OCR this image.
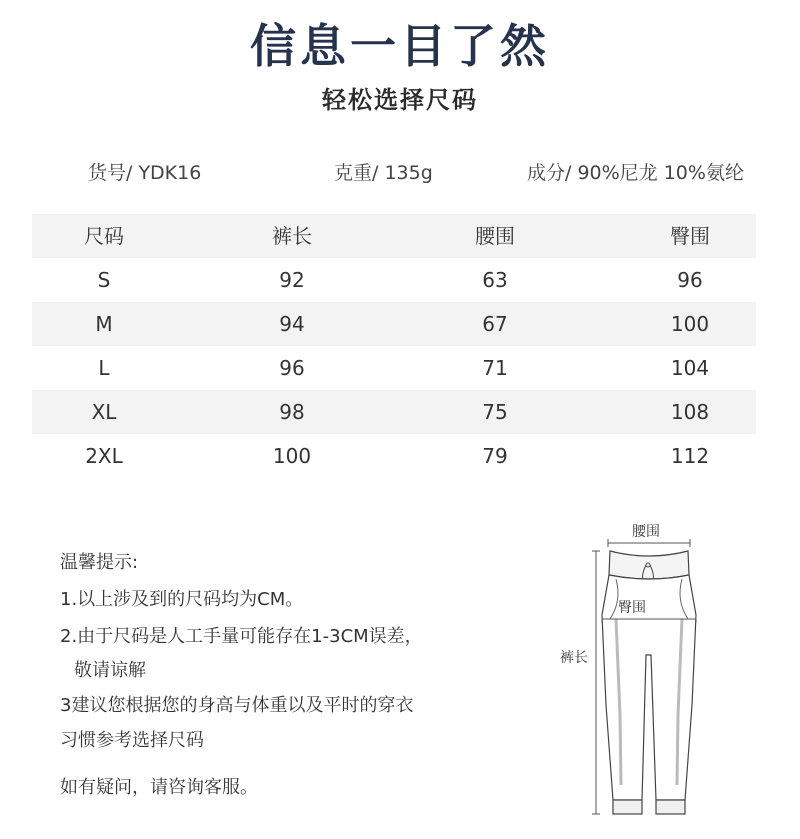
信息一目了然
轻松选择尺码
货号/ YDK16	克重/ 135g	成分/ 90%尼龙 10%氨纶
尺码	裤长	腰围	臀围
S	92	63	96
M	94	67	100
L	96	71	104
XL	98	75	108
2XL	100	79	112
温馨提示:
1.以上涉及到的尺码均为CM。
2.由于尺码是人工手量可能存在1-3CM误差，
敬请谅解
3建议您根据您的身高与体重以及平时的穿衣
习惯参考选择尺码
如有疑问，请咨询客服。
腰围
臀围
裤长
